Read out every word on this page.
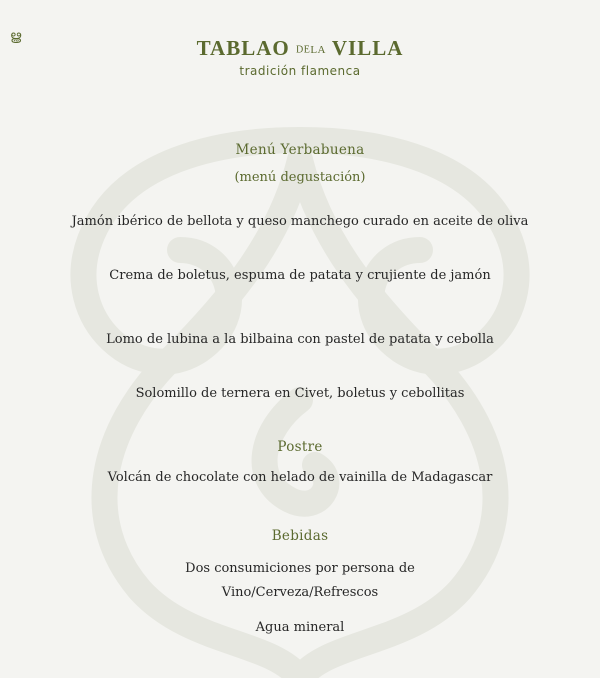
ൠ	TABLAO DELA VILLA
tradición flamenca
Menú Yerbabuena
(menú degustación)
Jamón ibérico de bellota y queso manchego curado en aceite de oliva
Crema de boletus, espuma de patata y crujiente de jamón
Lomo de lubina a la bilbaina con pastel de patata y cebolla
Solomillo de ternera en Civet, boletus y cebollitas
Postre
Volcán de chocolate con helado de vainilla de Madagascar
Bebidas
Dos consumiciones por persona de
Vino/Cerveza/Refrescos
Agua mineral
